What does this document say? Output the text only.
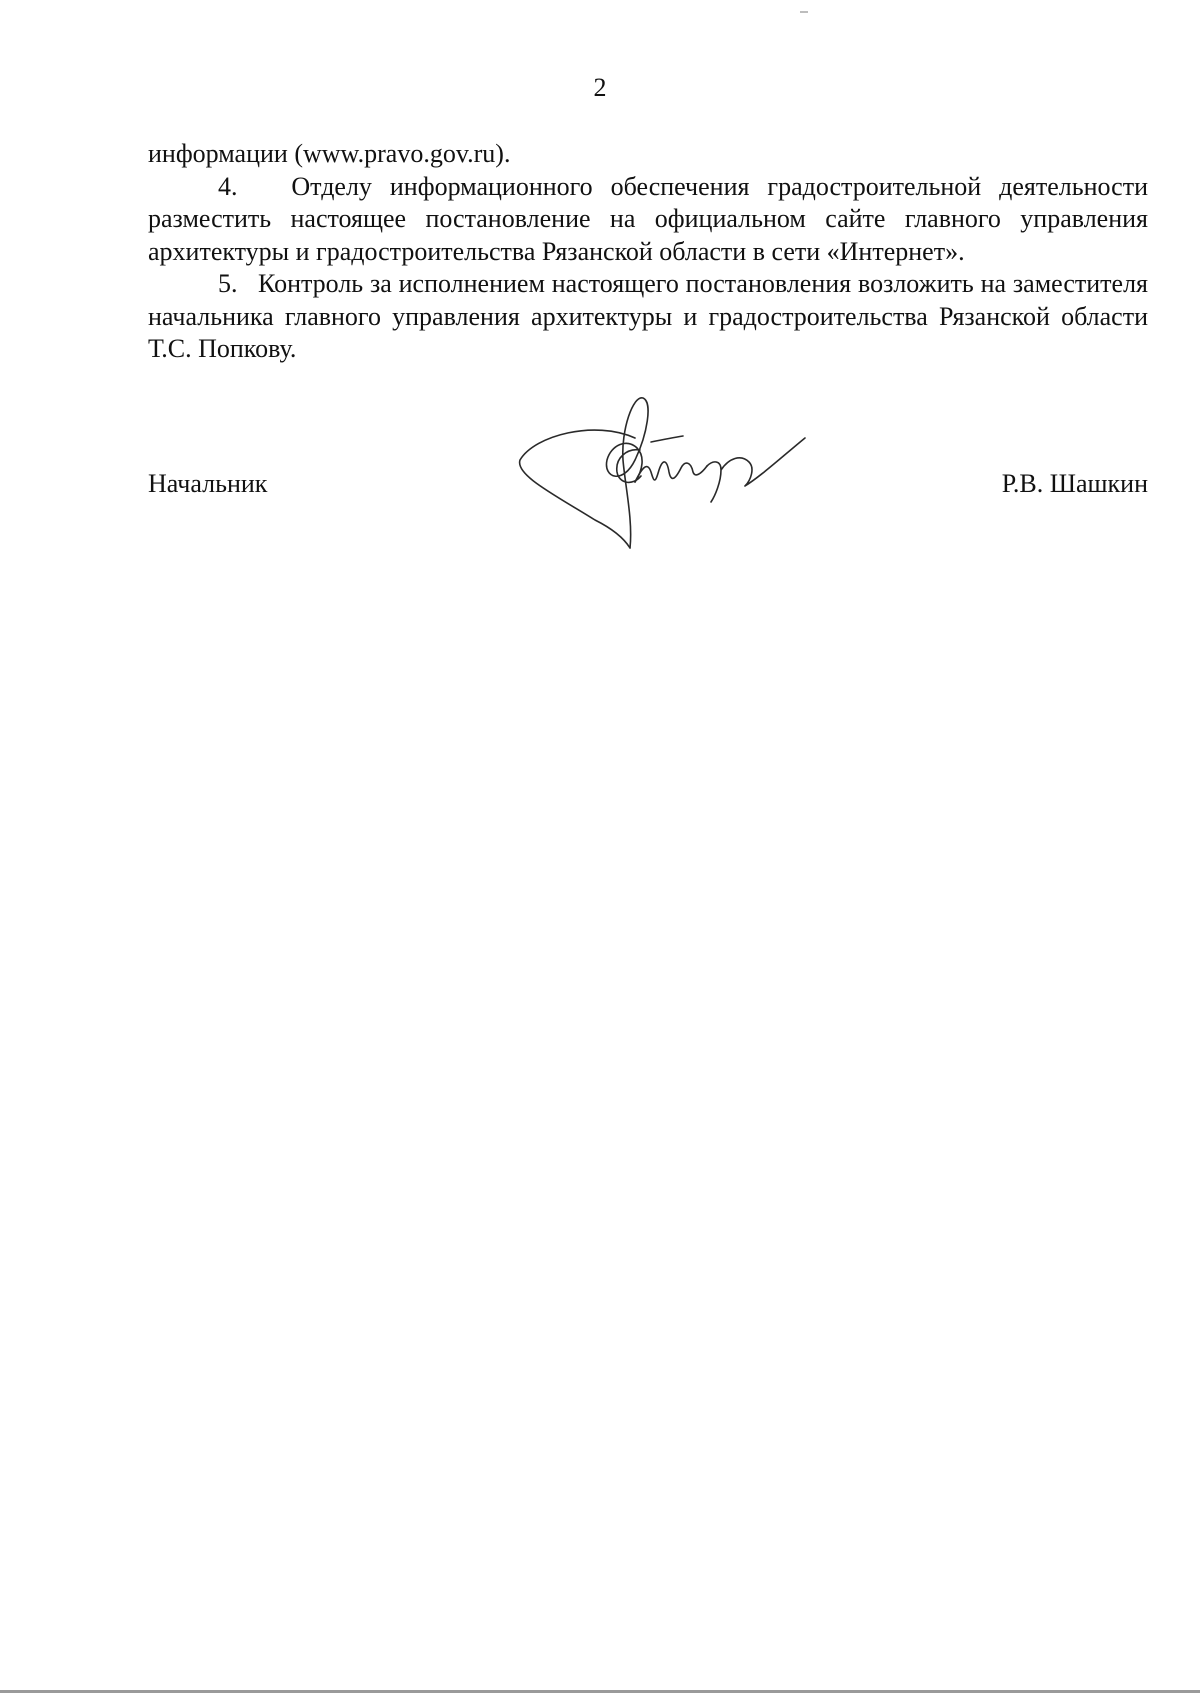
2

информации (www.pravo.gov.ru).

4.   Отделу информационного обеспечения градостроительной деятельности разместить настоящее постановление на официальном сайте главного управления архитектуры и градостроительства Рязанской области в сети «Интернет».

5.   Контроль за исполнением настоящего постановления возложить на заместителя начальника главного управления архитектуры и градостроительства Рязанской области Т.С. Попкову.

Начальник	Р.В. Шашкин
